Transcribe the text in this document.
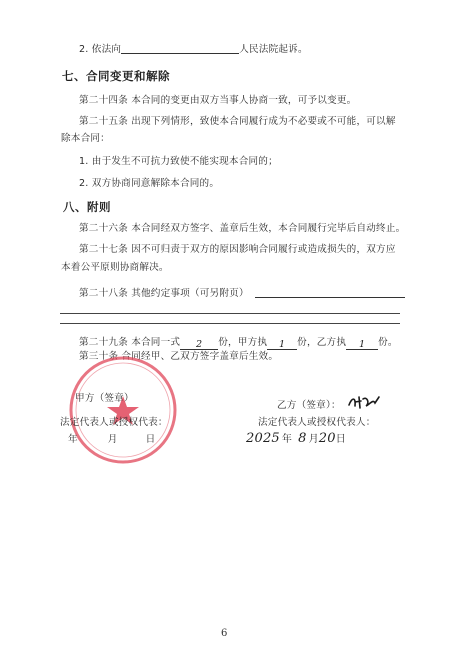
2. 依法向	人民法院起诉。
七、合同变更和解除
第二十四条 本合同的变更由双方当事人协商一致，可予以变更。
第二十五条 出现下列情形，致使本合同履行成为不必要或不可能，可以解
除本合同：
1. 由于发生不可抗力致使不能实现本合同的；
2. 双方协商同意解除本合同的。
八、附则
第二十六条 本合同经双方签字、盖章后生效，本合同履行完毕后自动终止。
第二十七条 因不可归责于双方的原因影响合同履行或造成损失的，双方应
本着公平原则协商解决。
第二十八条 其他约定事项（可另附页）
第二十九条 本合同一式 2 份，甲方执 1 份，乙方执 1 份。
第三十条 合同经甲、乙双方签字盖章后生效。
甲方（签章）
法定代表人或授权代表：
年	月	日
乙方（签章）：
法定代表人或授权代表人：
2025 年 8 月20日
6
